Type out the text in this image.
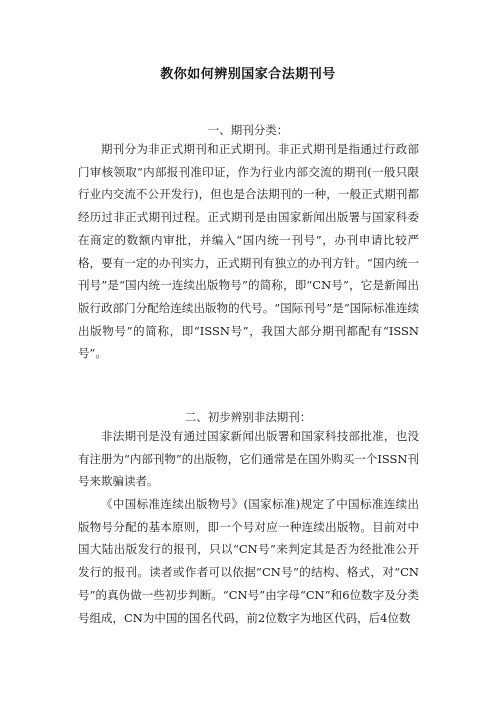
教你如何辨别国家合法期刊号
一、期刊分类：

期刊分为非正式期刊和正式期刊。非正式期刊是指通过行政部门审核领取“内部报刊准印证，作为行业内部交流的期刊(一般只限行业内交流不公开发行)，但也是合法期刊的一种，一般正式期刊都经历过非正式期刊过程。正式期刊是由国家新闻出版署与国家科委在商定的数额内审批，并编入“国内统一刊号”，办刊申请比较严格，要有一定的办刊实力，正式期刊有独立的办刊方针。“国内统一刊号”是“国内统一连续出版物号”的简称，即“CN号”，它是新闻出版行政部门分配给连续出版物的代号。“国际刊号”是“国际标准连续出版物号”的简称，即“ISSN号”，我国大部分期刊都配有“ISSN号”。

二、初步辨别非法期刊：

非法期刊是没有通过国家新闻出版署和国家科技部批准，也没有注册为“内部刊物”的出版物，它们通常是在国外购买一个ISSN刊号来欺骗读者。

《中国标准连续出版物号》(国家标准)规定了中国标准连续出版物号分配的基本原则，即一个号对应一种连续出版物。目前对中国大陆出版发行的报刊，只以“CN号”来判定其是否为经批准公开发行的报刊。读者或作者可以依据“CN号”的结构、格式，对“CN号”的真伪做一些初步判断。“CN号”由字母“CN”和6位数字及分类号组成，CN为中国的国名代码，前2位数字为地区代码，后4位数
